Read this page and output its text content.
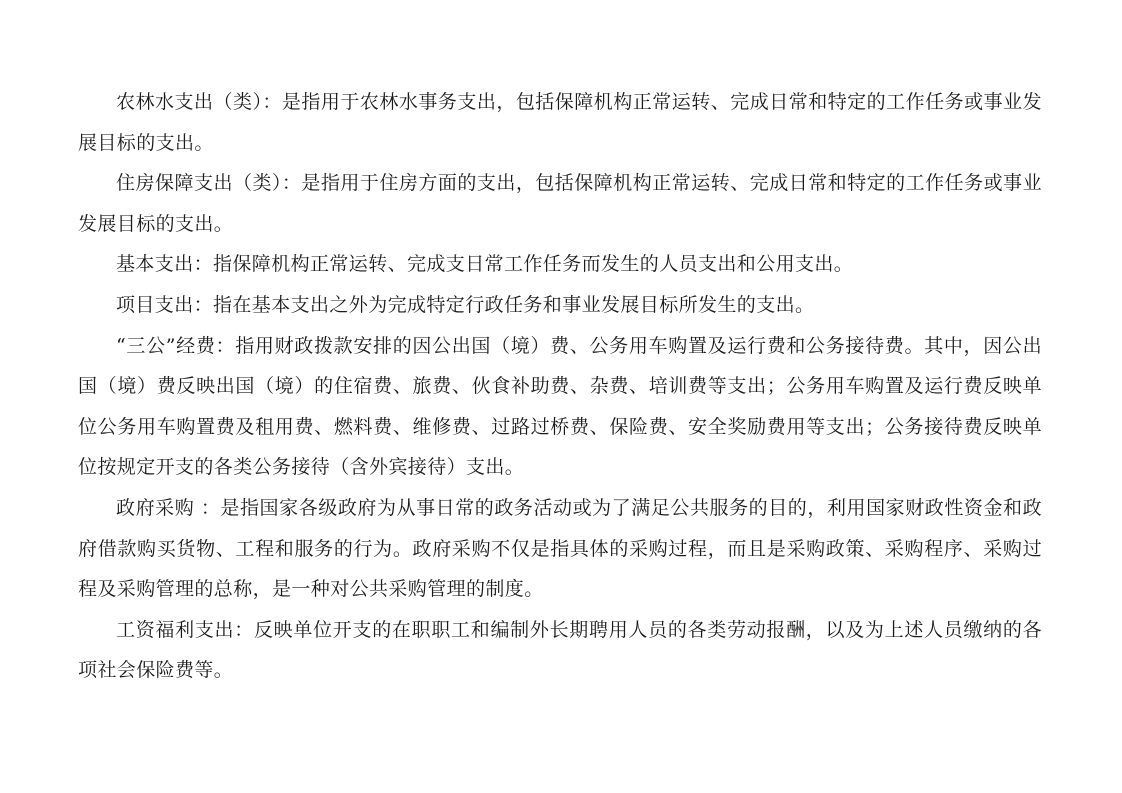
农林水支出（类）：是指用于农林水事务支出，包括保障机构正常运转、完成日常和特定的工作任务或事业发展目标的支出。

住房保障支出（类）：是指用于住房方面的支出，包括保障机构正常运转、完成日常和特定的工作任务或事业发展目标的支出。

基本支出：指保障机构正常运转、完成支日常工作任务而发生的人员支出和公用支出。

项目支出：指在基本支出之外为完成特定行政任务和事业发展目标所发生的支出。

“三公”经费：指用财政拨款安排的因公出国（境）费、公务用车购置及运行费和公务接待费。其中，因公出国（境）费反映出国（境）的住宿费、旅费、伙食补助费、杂费、培训费等支出；公务用车购置及运行费反映单位公务用车购置费及租用费、燃料费、维修费、过路过桥费、保险费、安全奖励费用等支出；公务接待费反映单位按规定开支的各类公务接待（含外宾接待）支出。

政府采购 ：是指国家各级政府为从事日常的政务活动或为了满足公共服务的目的，利用国家财政性资金和政府借款购买货物、工程和服务的行为。政府采购不仅是指具体的采购过程，而且是采购政策、采购程序、采购过程及采购管理的总称，是一种对公共采购管理的制度。

工资福利支出：反映单位开支的在职职工和编制外长期聘用人员的各类劳动报酬，以及为上述人员缴纳的各项社会保险费等。
